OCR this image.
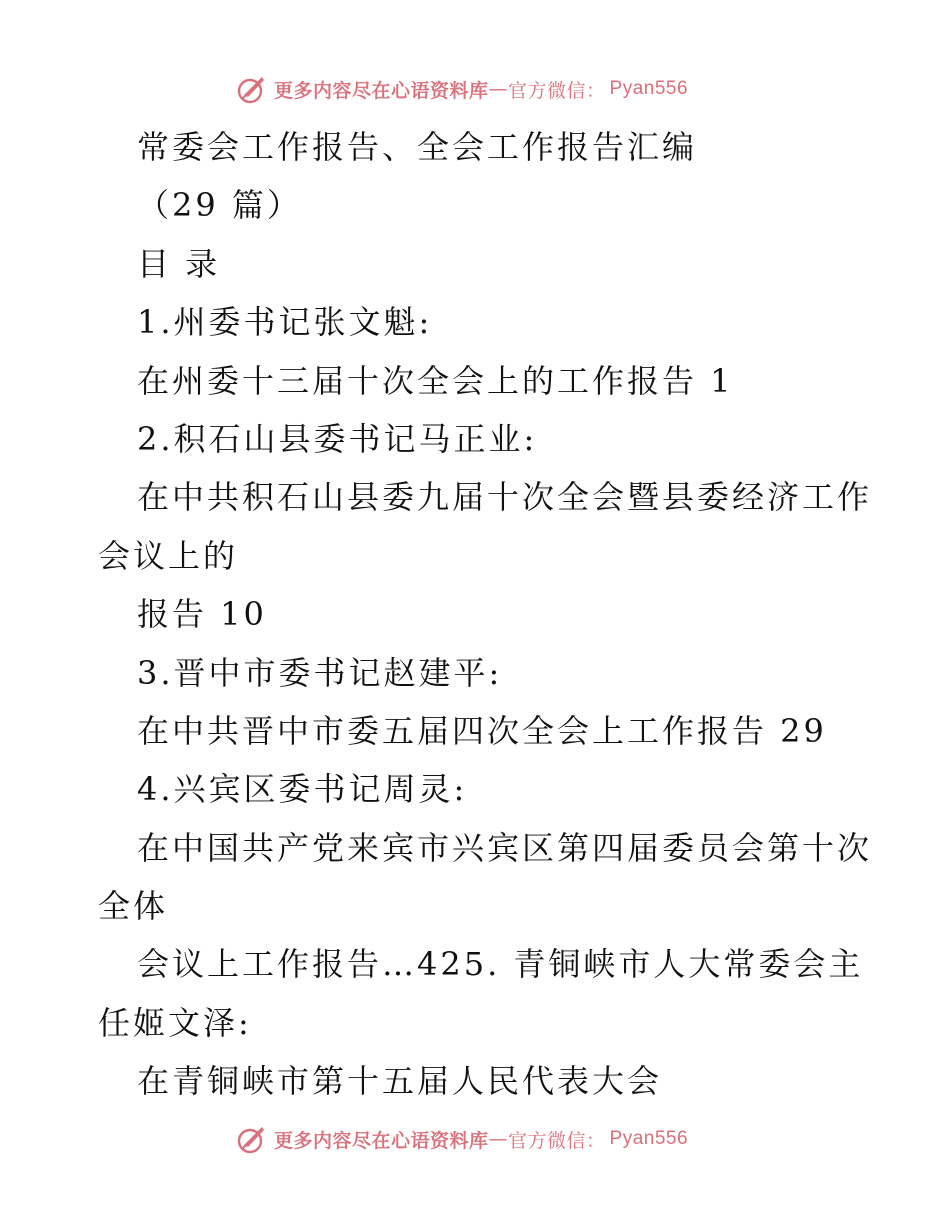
更多内容尽在心语资料库 — 官方微信： Pyan556
常委会工作报告、全会工作报告汇编
（29 篇）
目 录
1.州委书记张文魁:
在州委十三届十次全会上的工作报告 1
2.积石山县委书记马正业:
在中共积石山县委九届十次全会暨县委经济工作
会议上的
报告 10
3.晋中市委书记赵建平:
在中共晋中市委五届四次全会上工作报告 29
4.兴宾区委书记周灵:
在中国共产党来宾市兴宾区第四届委员会第十次
全体
会议上工作报告…425. 青铜峡市人大常委会主
任姬文泽:
在青铜峡市第十五届人民代表大会
更多内容尽在心语资料库 — 官方微信： Pyan556
